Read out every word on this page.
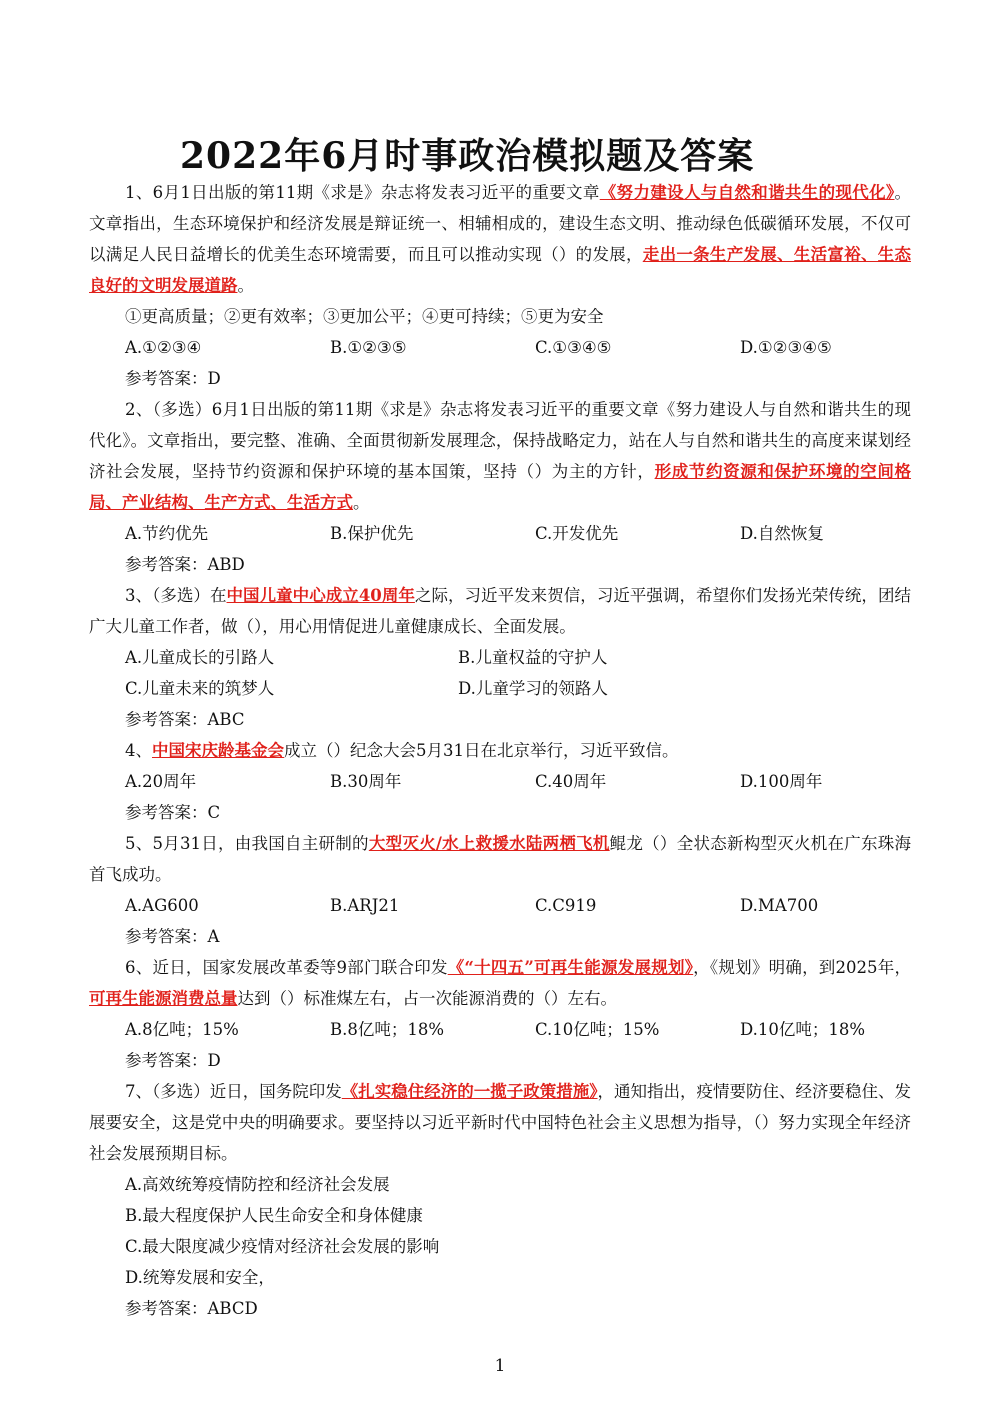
2022年6月时事政治模拟题及答案

1、6月1日出版的第11期《求是》杂志将发表习近平的重要文章《努力建设人与自然和谐共生的现代化》。文章指出，生态环境保护和经济发展是辩证统一、相辅相成的，建设生态文明、推动绿色低碳循环发展，不仅可以满足人民日益增长的优美生态环境需要，而且可以推动实现（）的发展，走出一条生产发展、生活富裕、生态良好的文明发展道路。

①更高质量；②更有效率；③更加公平；④更可持续；⑤更为安全

A.①②③④	B.①②③⑤	C.①③④⑤	D.①②③④⑤

参考答案：D

2、（多选）6月1日出版的第11期《求是》杂志将发表习近平的重要文章《努力建设人与自然和谐共生的现代化》。文章指出，要完整、准确、全面贯彻新发展理念，保持战略定力，站在人与自然和谐共生的高度来谋划经济社会发展，坚持节约资源和保护环境的基本国策，坚持（）为主的方针，形成节约资源和保护环境的空间格局、产业结构、生产方式、生活方式。

A.节约优先	B.保护优先	C.开发优先	D.自然恢复

参考答案：ABD

3、（多选）在中国儿童中心成立40周年之际，习近平发来贺信，习近平强调，希望你们发扬光荣传统，团结广大儿童工作者，做（），用心用情促进儿童健康成长、全面发展。

A.儿童成长的引路人	B.儿童权益的守护人
C.儿童未来的筑梦人	D.儿童学习的领路人

参考答案：ABC

4、中国宋庆龄基金会成立（）纪念大会5月31日在北京举行，习近平致信。

A.20周年	B.30周年	C.40周年	D.100周年

参考答案：C

5、5月31日，由我国自主研制的大型灭火/水上救援水陆两栖飞机鲲龙（）全状态新构型灭火机在广东珠海首飞成功。

A.AG600	B.ARJ21	C.C919	D.MA700

参考答案：A

6、近日，国家发展改革委等9部门联合印发《“十四五”可再生能源发展规划》，《规划》明确，到2025年，可再生能源消费总量达到（）标准煤左右，占一次能源消费的（）左右。

A.8亿吨；15%	B.8亿吨；18%	C.10亿吨；15%	D.10亿吨；18%

参考答案：D

7、（多选）近日，国务院印发《扎实稳住经济的一揽子政策措施》，通知指出，疫情要防住、经济要稳住、发展要安全，这是党中央的明确要求。要坚持以习近平新时代中国特色社会主义思想为指导，（）努力实现全年经济社会发展预期目标。

A.高效统筹疫情防控和经济社会发展

B.最大程度保护人民生命安全和身体健康

C.最大限度减少疫情对经济社会发展的影响

D.统筹发展和安全，

参考答案：ABCD

1
